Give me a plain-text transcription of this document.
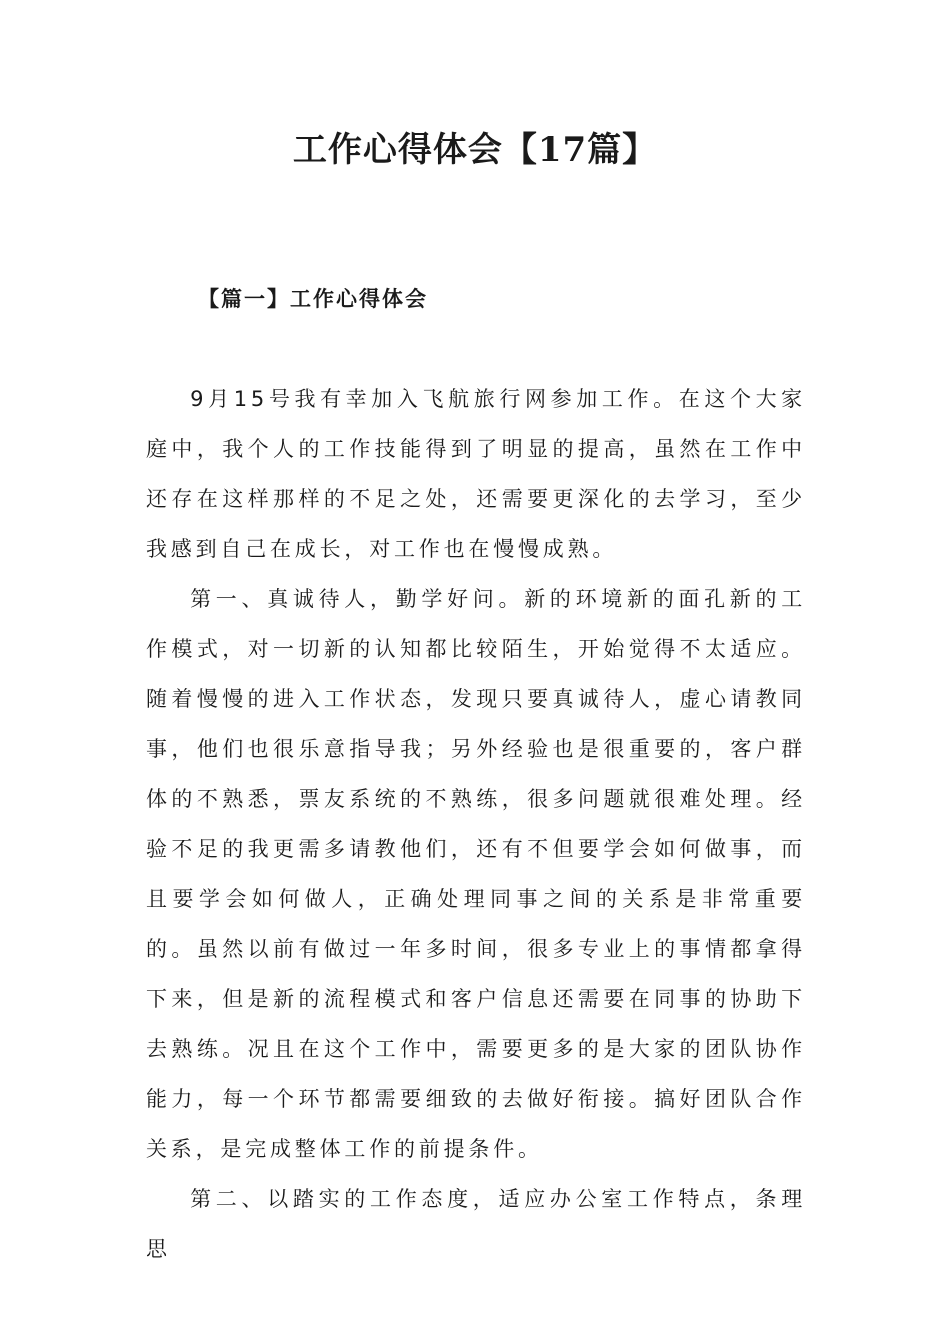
工作心得体会【17篇】
【篇一】工作心得体会

9月15号我有幸加入飞航旅行网参加工作。在这个大家庭中，我个人的工作技能得到了明显的提高，虽然在工作中还存在这样那样的不足之处，还需要更深化的去学习，至少我感到自己在成长，对工作也在慢慢成熟。

第一、真诚待人，勤学好问。新的环境新的面孔新的工作模式，对一切新的认知都比较陌生，开始觉得不太适应。随着慢慢的进入工作状态，发现只要真诚待人，虚心请教同事，他们也很乐意指导我；另外经验也是很重要的，客户群体的不熟悉，票友系统的不熟练，很多问题就很难处理。经验不足的我更需多请教他们，还有不但要学会如何做事，而且要学会如何做人，正确处理同事之间的关系是非常重要的。虽然以前有做过一年多时间，很多专业上的事情都拿得下来，但是新的流程模式和客户信息还需要在同事的协助下去熟练。况且在这个工作中，需要更多的是大家的团队协作能力，每一个环节都需要细致的去做好衔接。搞好团队合作关系，是完成整体工作的前提条件。

第二、以踏实的工作态度，适应办公室工作特点，条理思
